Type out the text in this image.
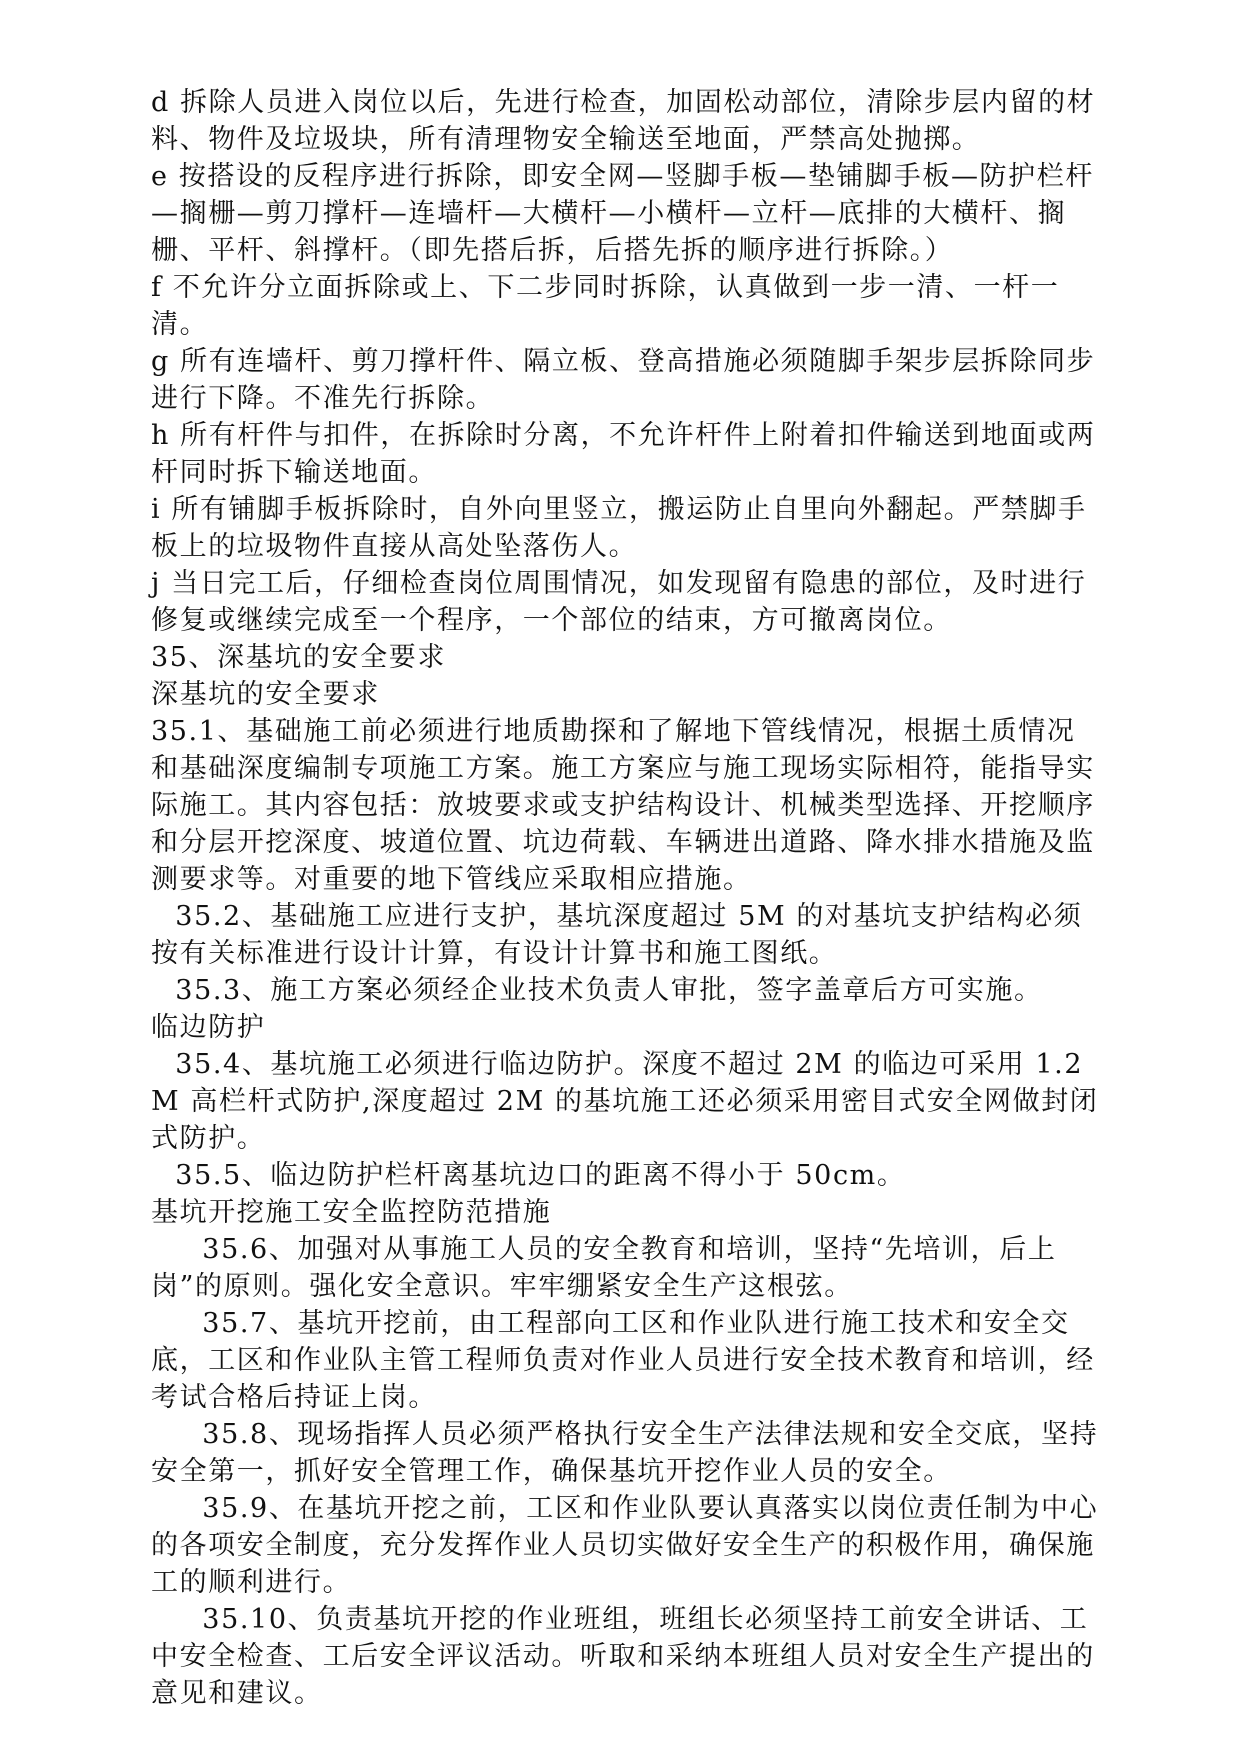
d 拆除人员进入岗位以后，先进行检查，加固松动部位，清除步层内留的材料、物件及垃圾块，所有清理物安全输送至地面，严禁高处抛掷。

e 按搭设的反程序进行拆除，即安全网—竖脚手板—垫铺脚手板—防护栏杆—搁栅—剪刀撑杆—连墙杆—大横杆—小横杆—立杆—底排的大横杆、搁栅、平杆、斜撑杆。（即先搭后拆，后搭先拆的顺序进行拆除。）

f 不允许分立面拆除或上、下二步同时拆除，认真做到一步一清、一杆一清。

g 所有连墙杆、剪刀撑杆件、隔立板、登高措施必须随脚手架步层拆除同步进行下降。不准先行拆除。

h 所有杆件与扣件，在拆除时分离，不允许杆件上附着扣件输送到地面或两杆同时拆下输送地面。

i 所有铺脚手板拆除时，自外向里竖立，搬运防止自里向外翻起。严禁脚手板上的垃圾物件直接从高处坠落伤人。

j 当日完工后，仔细检查岗位周围情况，如发现留有隐患的部位，及时进行修复或继续完成至一个程序，一个部位的结束，方可撤离岗位。

35、深基坑的安全要求

深基坑的安全要求

35.1、基础施工前必须进行地质勘探和了解地下管线情况，根据土质情况和基础深度编制专项施工方案。施工方案应与施工现场实际相符，能指导实际施工。其内容包括：放坡要求或支护结构设计、机械类型选择、开挖顺序和分层开挖深度、坡道位置、坑边荷载、车辆进出道路、降水排水措施及监测要求等。对重要的地下管线应采取相应措施。

35.2、基础施工应进行支护，基坑深度超过 5M 的对基坑支护结构必须按有关标准进行设计计算，有设计计算书和施工图纸。

35.3、施工方案必须经企业技术负责人审批，签字盖章后方可实施。

临边防护

35.4、基坑施工必须进行临边防护。深度不超过 2M 的临边可采用 1.2M 高栏杆式防护,深度超过 2M 的基坑施工还必须采用密目式安全网做封闭式防护。

35.5、临边防护栏杆离基坑边口的距离不得小于 50cm。

基坑开挖施工安全监控防范措施

35.6、加强对从事施工人员的安全教育和培训，坚持“先培训，后上岗”的原则。强化安全意识。牢牢绷紧安全生产这根弦。

35.7、基坑开挖前，由工程部向工区和作业队进行施工技术和安全交底，工区和作业队主管工程师负责对作业人员进行安全技术教育和培训，经考试合格后持证上岗。

35.8、现场指挥人员必须严格执行安全生产法律法规和安全交底，坚持安全第一，抓好安全管理工作，确保基坑开挖作业人员的安全。

35.9、在基坑开挖之前，工区和作业队要认真落实以岗位责任制为中心的各项安全制度，充分发挥作业人员切实做好安全生产的积极作用，确保施工的顺利进行。

35.10、负责基坑开挖的作业班组，班组长必须坚持工前安全讲话、工中安全检查、工后安全评议活动。听取和采纳本班组人员对安全生产提出的意见和建议。
